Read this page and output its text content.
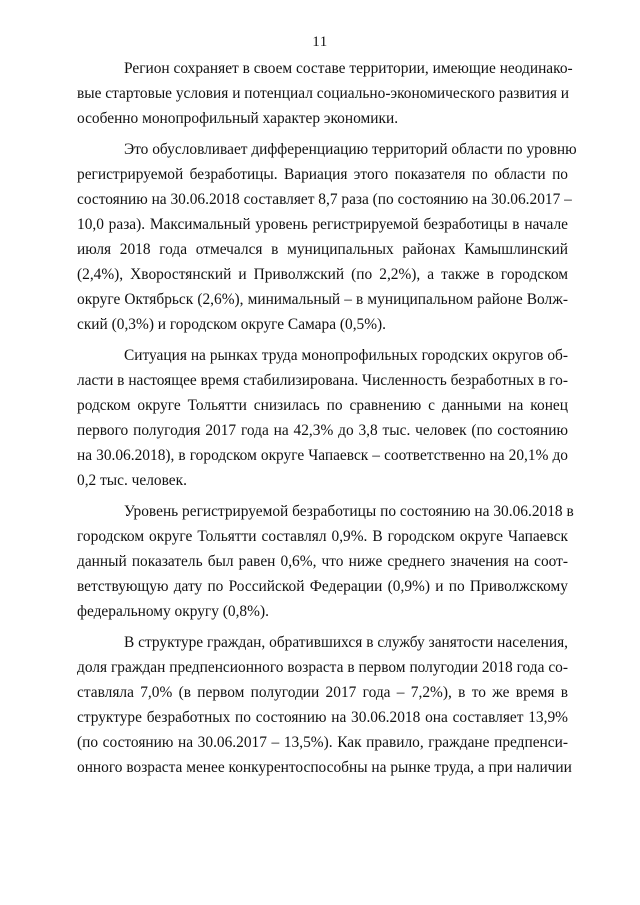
11
Регион сохраняет в своем составе территории, имеющие неодинако-
вые стартовые условия и потенциал социально-экономического развития и
особенно монопрофильный характер экономики.
Это обусловливает дифференциацию территорий области по уровню
регистрируемой безработицы. Вариация этого показателя по области по
состоянию на 30.06.2018 составляет 8,7 раза (по состоянию на 30.06.2017 –
10,0 раза). Максимальный уровень регистрируемой безработицы в начале
июля 2018 года отмечался в муниципальных районах Камышлинский
(2,4%), Хворостянский и Приволжский (по 2,2%), а также в городском
округе Октябрьск (2,6%), минимальный – в муниципальном районе Волж-
ский (0,3%) и городском округе Самара (0,5%).
Ситуация на рынках труда монопрофильных городских округов об-
ласти в настоящее время стабилизирована. Численность безработных в го-
родском округе Тольятти снизилась по сравнению с данными на конец
первого полугодия 2017 года на 42,3% до 3,8 тыс. человек (по состоянию
на 30.06.2018), в городском округе Чапаевск – соответственно на 20,1% до
0,2 тыс. человек.
Уровень регистрируемой безработицы по состоянию на 30.06.2018 в
городском округе Тольятти составлял 0,9%. В городском округе Чапаевск
данный показатель был равен 0,6%, что ниже среднего значения на соот-
ветствующую дату по Российской Федерации (0,9%) и по Приволжскому
федеральному округу (0,8%).
В структуре граждан, обратившихся в службу занятости населения,
доля граждан предпенсионного возраста в первом полугодии 2018 года со-
ставляла 7,0% (в первом полугодии 2017 года – 7,2%), в то же время в
структуре безработных по состоянию на 30.06.2018 она составляет 13,9%
(по состоянию на 30.06.2017 – 13,5%). Как правило, граждане предпенси-
онного возраста менее конкурентоспособны на рынке труда, а при наличии
